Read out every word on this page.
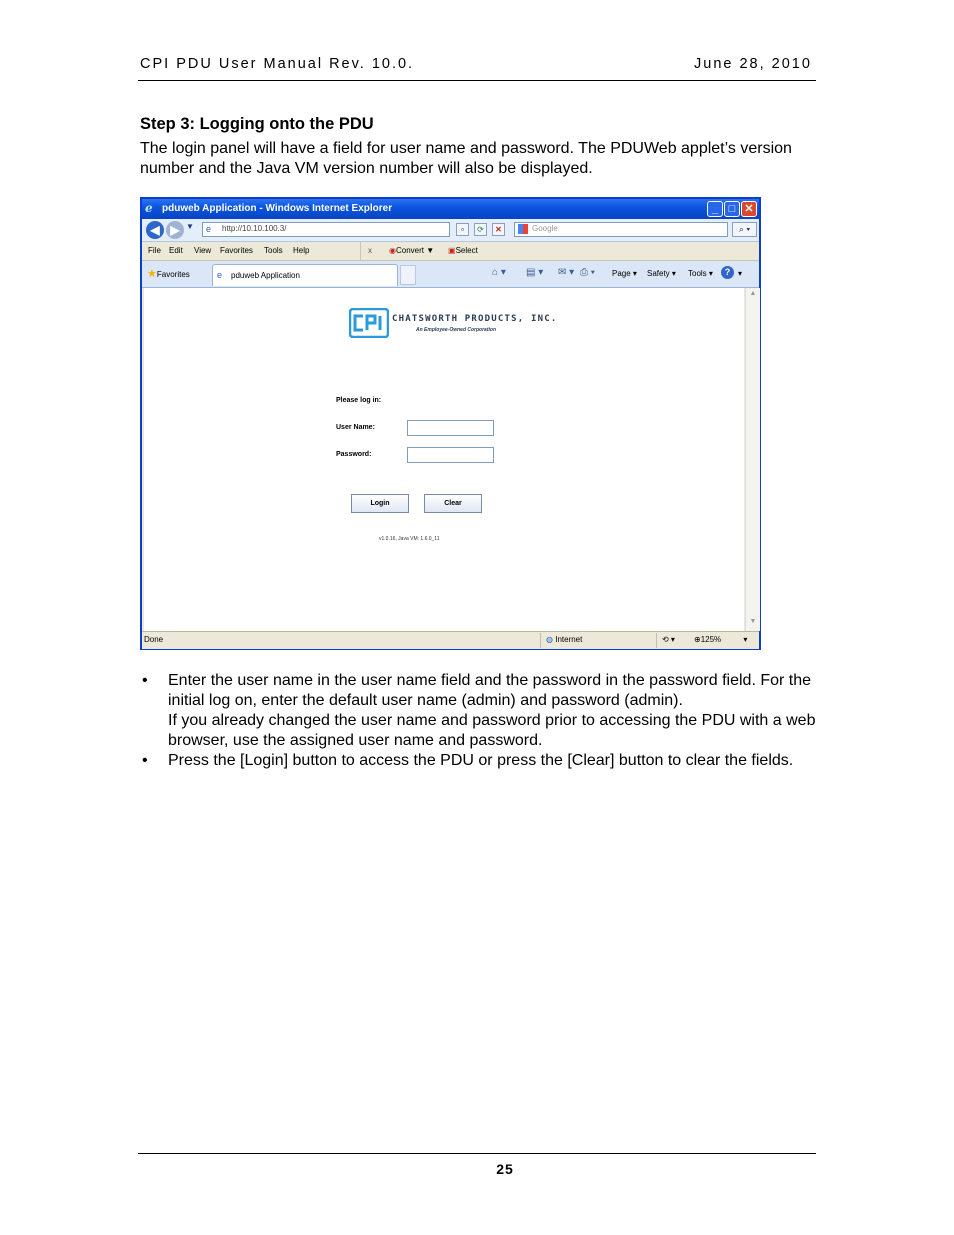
CPI PDU User Manual Rev. 10.0.	June 28, 2010
Step 3: Logging onto the PDU
The login panel will have a field for user name and password. The PDUWeb applet’s version number and the Java VM version number will also be displayed.
e pduweb Application - Windows Internet Explorer	_ □ ✕
◀ ▶ ▼ e http://10.10.100.3/	▫	⟳	✕	Google	⌕ ▾
File Edit View Favorites Tools Help	x ◉Convert ▼ ▣Select
★Favorites	e pduweb Application	⌂ ▾ ▤ ▾ ✉ ▾ ⎙ ▾ Page ▾ Safety ▾ Tools ▾	? ▾
CHATSWORTH PRODUCTS, INC.
An Employee-Owned Corporation
Please log in:
User Name:
Password:
Login	Clear
v1.0.16, Java VM: 1.6.0_11
▲
▼
Done	◍ Internet	⟲ ▾ ⊕125%	▾
• Enter the user name in the user name field and the password in the password field. For the initial log on, enter the default user name (admin) and password (admin).
If you already changed the user name and password prior to accessing the PDU with a web browser, use the assigned user name and password.
• Press the [Login] button to access the PDU or press the [Clear] button to clear the fields.
25
